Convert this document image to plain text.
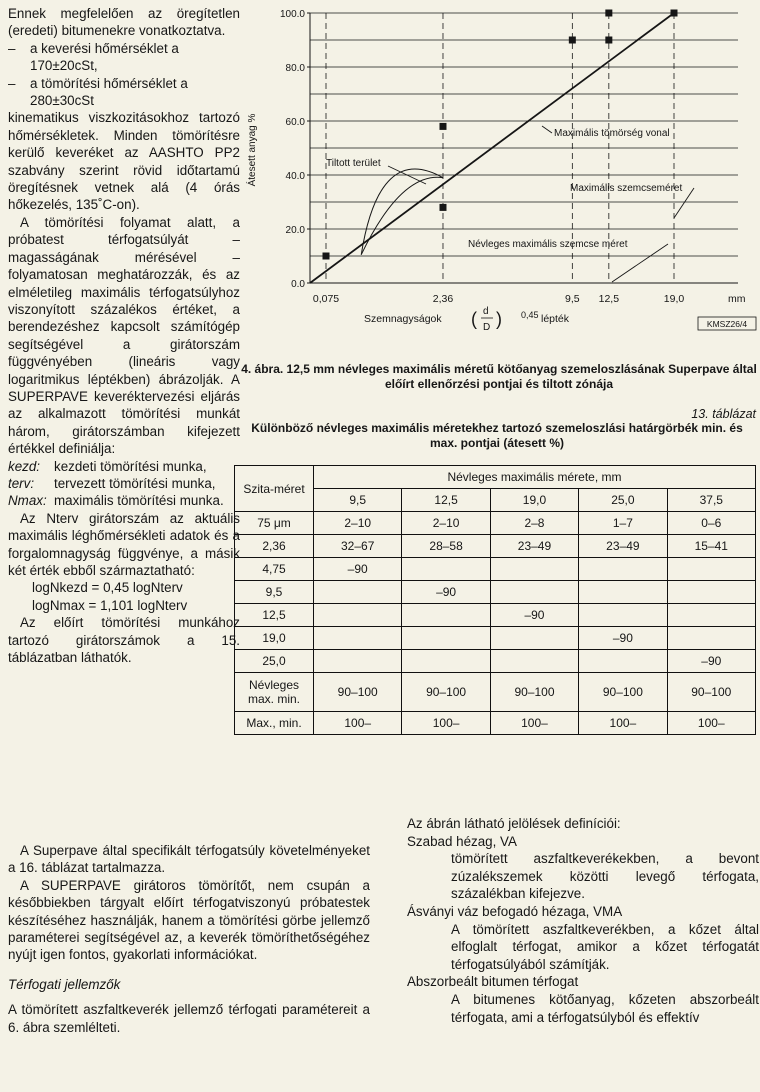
Ennek megfelelően az öregítetlen (eredeti) bitumenekre vonatkoztatva.

–	a keverési hőmérséklet a 170±20cSt,
–	a tömörítési hőmérséklet a 280±30cSt

kinematikus viszkozitásokhoz tartozó hőmérsékletek. Minden tömörítésre kerülő keveréket az AASHTO PP2 szabvány szerint rövid időtartamú öregítésnek vetnek alá (4 órás hőkezelés, 135˚C-on).

A tömörítési folyamat alatt, a próbatest térfogatsúlyát – magasságának mérésével – folyamatosan meghatározzák, és az elméletileg maximális térfogatsúlyhoz viszonyított százalékos értéket, a berendezéshez kapcsolt számítógép segítségével a girátorszám függvényében (lineáris vagy logaritmikus léptékben) ábrázolják. A SUPERPAVE keveréktervezési eljárás az alkalmazott tömörítési munkát három, girátorszámban kifejezett értékkel definiálja:

kezd:	kezdeti tömörítési munka,
terv:	tervezett tömörítési munka,
Nmax: maximális tömörítési munka.

Az Nterv girátorszám az aktuális maximális léghőmérsékleti adatok és a forgalomnagyság függvénye, a másik két érték ebből származtatható:

logNkezd = 0,45 logNterv

logNmax = 1,101 logNterv

Az előírt tömörítési munkához tartozó girátorszámok a 15. táblázatban láthatók.

A Superpave által specifikált térfogatsúly követelményeket a 16. táblázat tartalmazza.

A SUPERPAVE girátoros tömörítőt, nem csupán a későbbiekben tárgyalt előírt térfogatviszonyú próbatestek készítéséhez használják, hanem a tömörítési görbe jellemző paraméterei segítségével az, a keverék tömöríthetőségéhez nyújt igen fontos, gyakorlati információkat.

Térfogati jellemzők

A tömörített aszfaltkeverék jellemző térfogati paramétereit a 6. ábra szemlélteti.

0.0
20.0
40.0
60.0
80.0
100.0
0,075	2,36	9,5 12,5	19,0
Tiltott terület
Maximális tömörség vonal
Maximális szemcseméret
Névleges maximális szemcse méret
Átesett anyag %
Szemnagyságok	0,45 lépték
mm
( d
D )	KMSZ26/4
4. ábra. 12,5 mm névleges maximális méretű kötőanyag szemeloszlásának Superpave által előírt ellenőrzési pontjai és tiltott zónája
13. táblázat
Különböző névleges maximális méretekhez tartozó szemeloszlási határgörbék min. és max. pontjai (átesett %)
Szita-méret	Névleges maximális mérete, mm				
	9,5	12,5	19,0	25,0	37,5
75 μm	2–10	2–10	2–8	1–7	0–6
2,36	32–67	28–58	23–49	23–49	15–41
4,75	–90				
9,5		–90			
12,5			–90		
19,0				–90	
25,0					–90
Névleges max. min.	90–100	90–100	90–100	90–100	90–100
Max., min.	100–	100–	100–	100–	100–

Az ábrán látható jelölések definíciói:

Szabad hézag, VA

tömörített aszfaltkeverékekben, a bevont zúzalékszemek közötti levegő térfogata, százalékban kifejezve.

Ásványi váz befogadó hézaga, VMA

A tömörített aszfaltkeverékben, a kőzet által elfoglalt térfogat, amikor a kőzet térfogatát térfogatsúlyából számítják.

Abszorbeált bitumen térfogat

A bitumenes kötőanyag, kőzeten abszorbeált térfogata, ami a térfogatsúlyból és effektív
